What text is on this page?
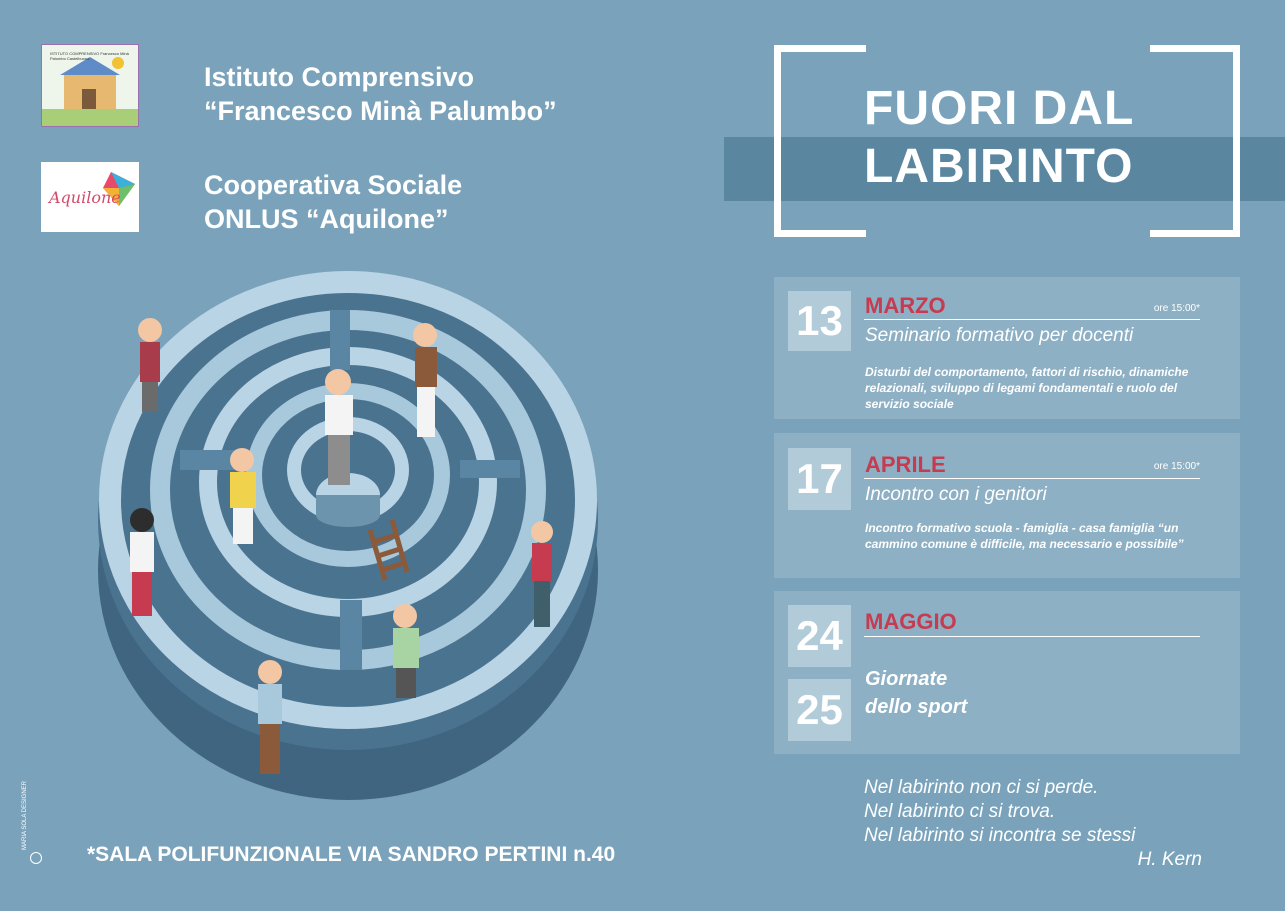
ISTITUTO COMPRENSIVO Francesco Minà Palumbo Castelbuono
Istituto Comprensivo
“Francesco Minà Palumbo”
Aquilone	Cooperativa Sociale
ONLUS “Aquilone”
FUORI DAL
LABIRINTO
13	MARZO	ore 15:00*
Seminario formativo per docenti
Disturbi del comportamento, fattori di rischio, dinamiche relazionali, sviluppo di legami fondamentali e ruolo del servizio sociale
17	APRILE	ore 15:00*
Incontro con i genitori
Incontro formativo scuola - famiglia - casa famiglia “un cammino comune è difficile, ma necessario e possibile”
24
25
MAGGIO
Giornate
dello sport
Nel labirinto non ci si perde.
Nel labirinto ci si trova.
Nel labirinto si incontra se stessi
H. Kern
*SALA POLIFUNZIONALE VIA SANDRO PERTINI n.40
MARIA SOLA DESIGNER
